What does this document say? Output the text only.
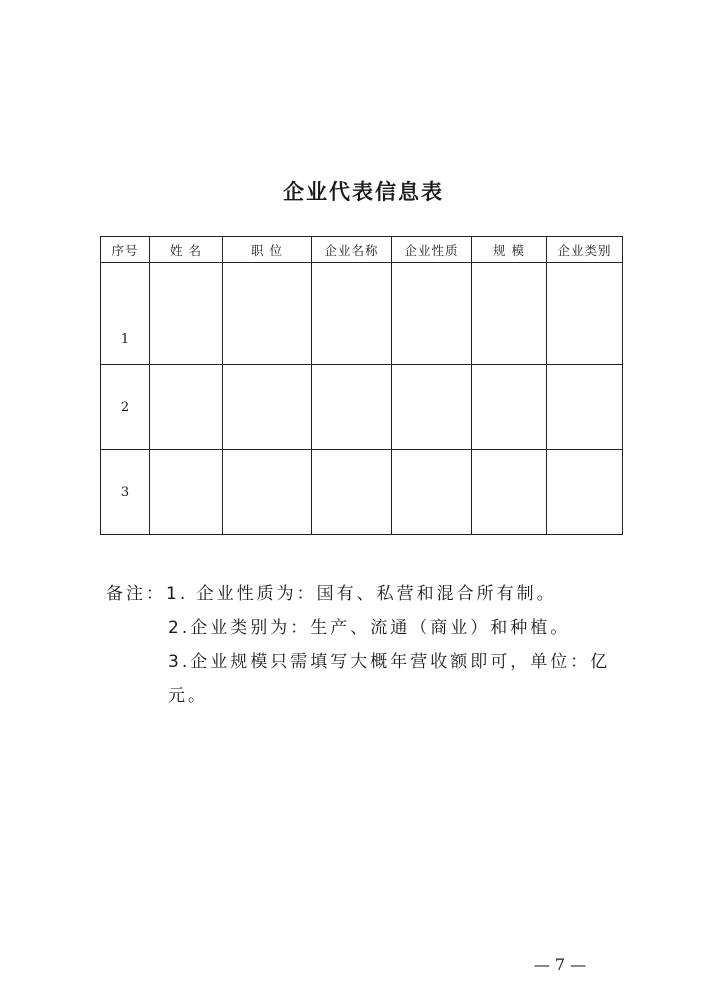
企业代表信息表
序号	姓 名	职 位	企业名称	企业性质	规 模	企业类别
1						
2						
3						
备注：1. 企业性质为：国有、私营和混合所有制。
2.企业类别为：生产、流通（商业）和种植。
3.企业规模只需填写大概年营收额即可，单位：亿元。
— 7 —
